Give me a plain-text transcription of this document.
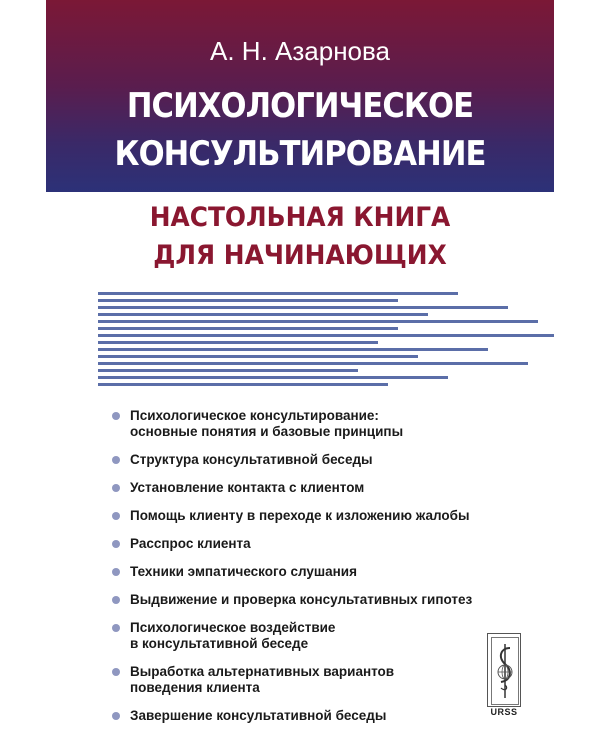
А. Н. Азарнова
ПСИХОЛОГИЧЕСКОЕ
КОНСУЛЬТИРОВАНИЕ
НАСТОЛЬНАЯ КНИГА
ДЛЯ НАЧИНАЮЩИХ
Психологическое консультирование:
основные понятия и базовые принципы
Структура консультативной беседы
Установление контакта с клиентом
Помощь клиенту в переходе к изложению жалобы
Расспрос клиента
Техники эмпатического слушания
Выдвижение и проверка консультативных гипотез
Психологическое воздействие
в консультативной беседе
Выработка альтернативных вариантов
поведения клиента
Завершение консультативной беседы	URSS
